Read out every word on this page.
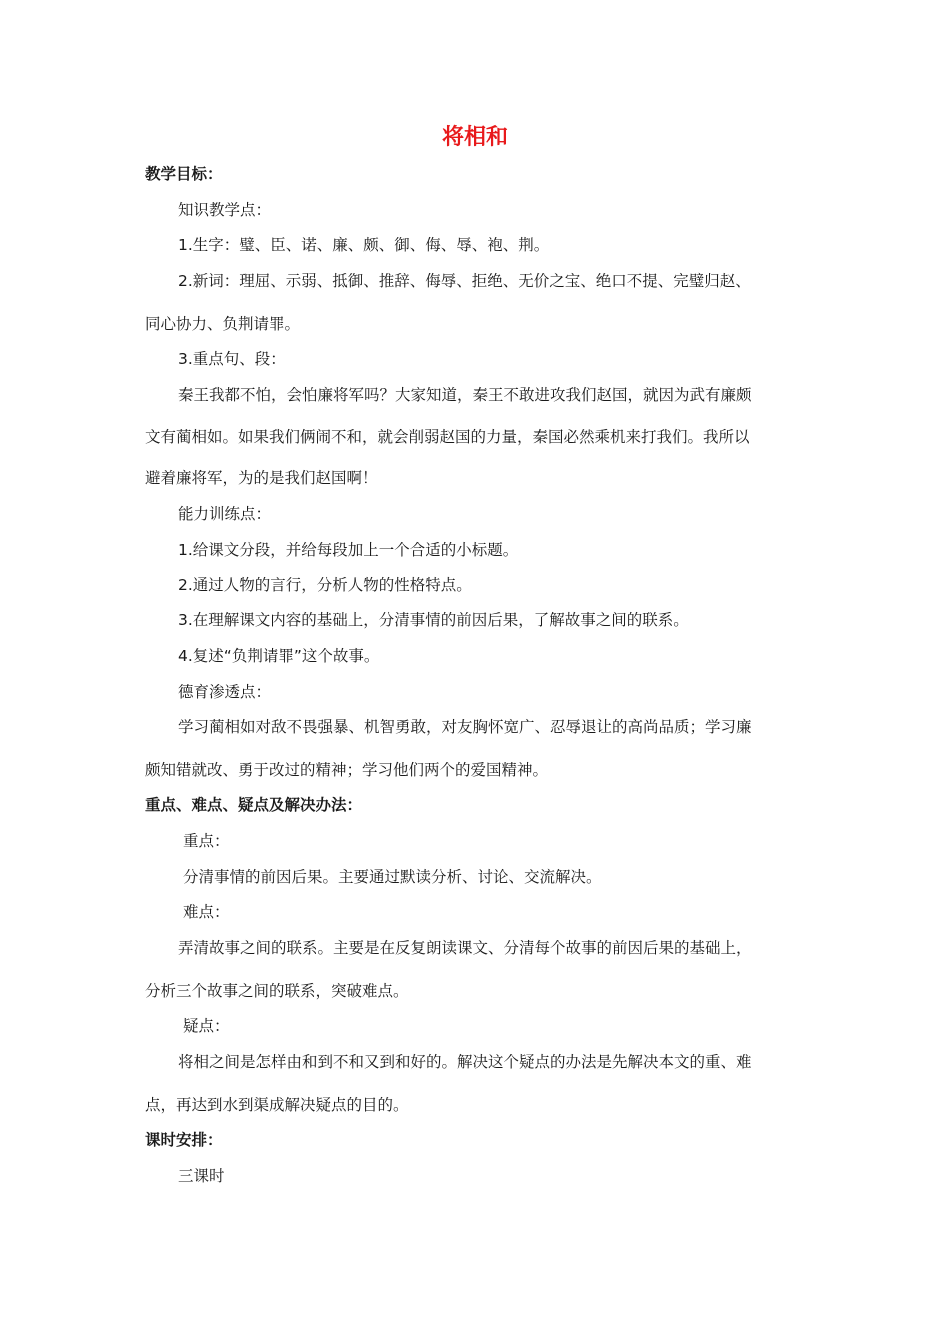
将相和
教学目标：
知识教学点：
1.生字：璧、臣、诺、廉、颇、御、侮、辱、袍、荆。
2.新词：理屈、示弱、抵御、推辞、侮辱、拒绝、无价之宝、绝口不提、完璧归赵、
同心协力、负荆请罪。
3.重点句、段：
秦王我都不怕，会怕廉将军吗？大家知道，秦王不敢进攻我们赵国，就因为武有廉颇
文有蔺相如。如果我们俩闹不和，就会削弱赵国的力量，秦国必然乘机来打我们。我所以
避着廉将军，为的是我们赵国啊！
能力训练点：
1.给课文分段，并给每段加上一个合适的小标题。
2.通过人物的言行，分析人物的性格特点。
3.在理解课文内容的基础上，分清事情的前因后果，了解故事之间的联系。
4.复述“负荆请罪”这个故事。
德育渗透点：
学习蔺相如对敌不畏强暴、机智勇敢，对友胸怀宽广、忍辱退让的高尚品质；学习廉
颇知错就改、勇于改过的精神；学习他们两个的爱国精神。
重点、难点、疑点及解决办法：
重点：
分清事情的前因后果。主要通过默读分析、讨论、交流解决。
难点：
弄清故事之间的联系。主要是在反复朗读课文、分清每个故事的前因后果的基础上，
分析三个故事之间的联系，突破难点。
疑点：
将相之间是怎样由和到不和又到和好的。解决这个疑点的办法是先解决本文的重、难
点，再达到水到渠成解决疑点的目的。
课时安排：
三课时
